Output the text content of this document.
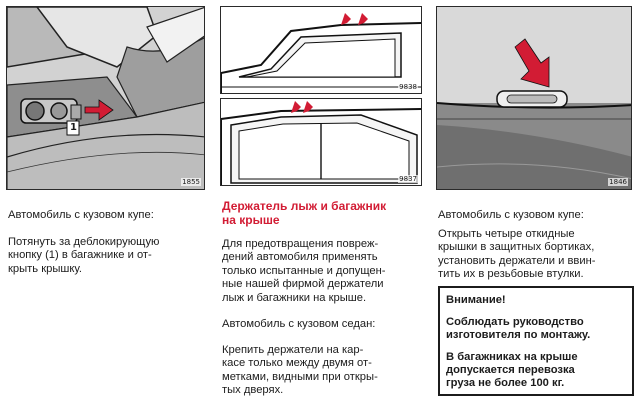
1
1855
Автомобиль с кузовом купе:
Потянуть за деблокирующую
кнопку (1) в багажнике и от-
крыть крышку.
9838
9837
Держатель лыж и багажник
на крыше
Для предотвращения повреж-
дений автомобиля применять
только испытанные и допущен-
ные нашей фирмой держатели
лыж и багажники на крыше.
Автомобиль с кузовом седан:
Крепить держатели на кар-
касе только между двумя от-
метками, видными при откры-
тых дверях.
1846
Автомобиль с кузовом купе:
Открыть четыре откидные
крышки в защитных бортиках,
установить держатели и ввин-
тить их в резьбовые втулки.

Внимание!

Соблюдать руководство
изготовителя по монтажу.

В багажниках на крыше
допускается перевозка
груза не более 100 кг.
